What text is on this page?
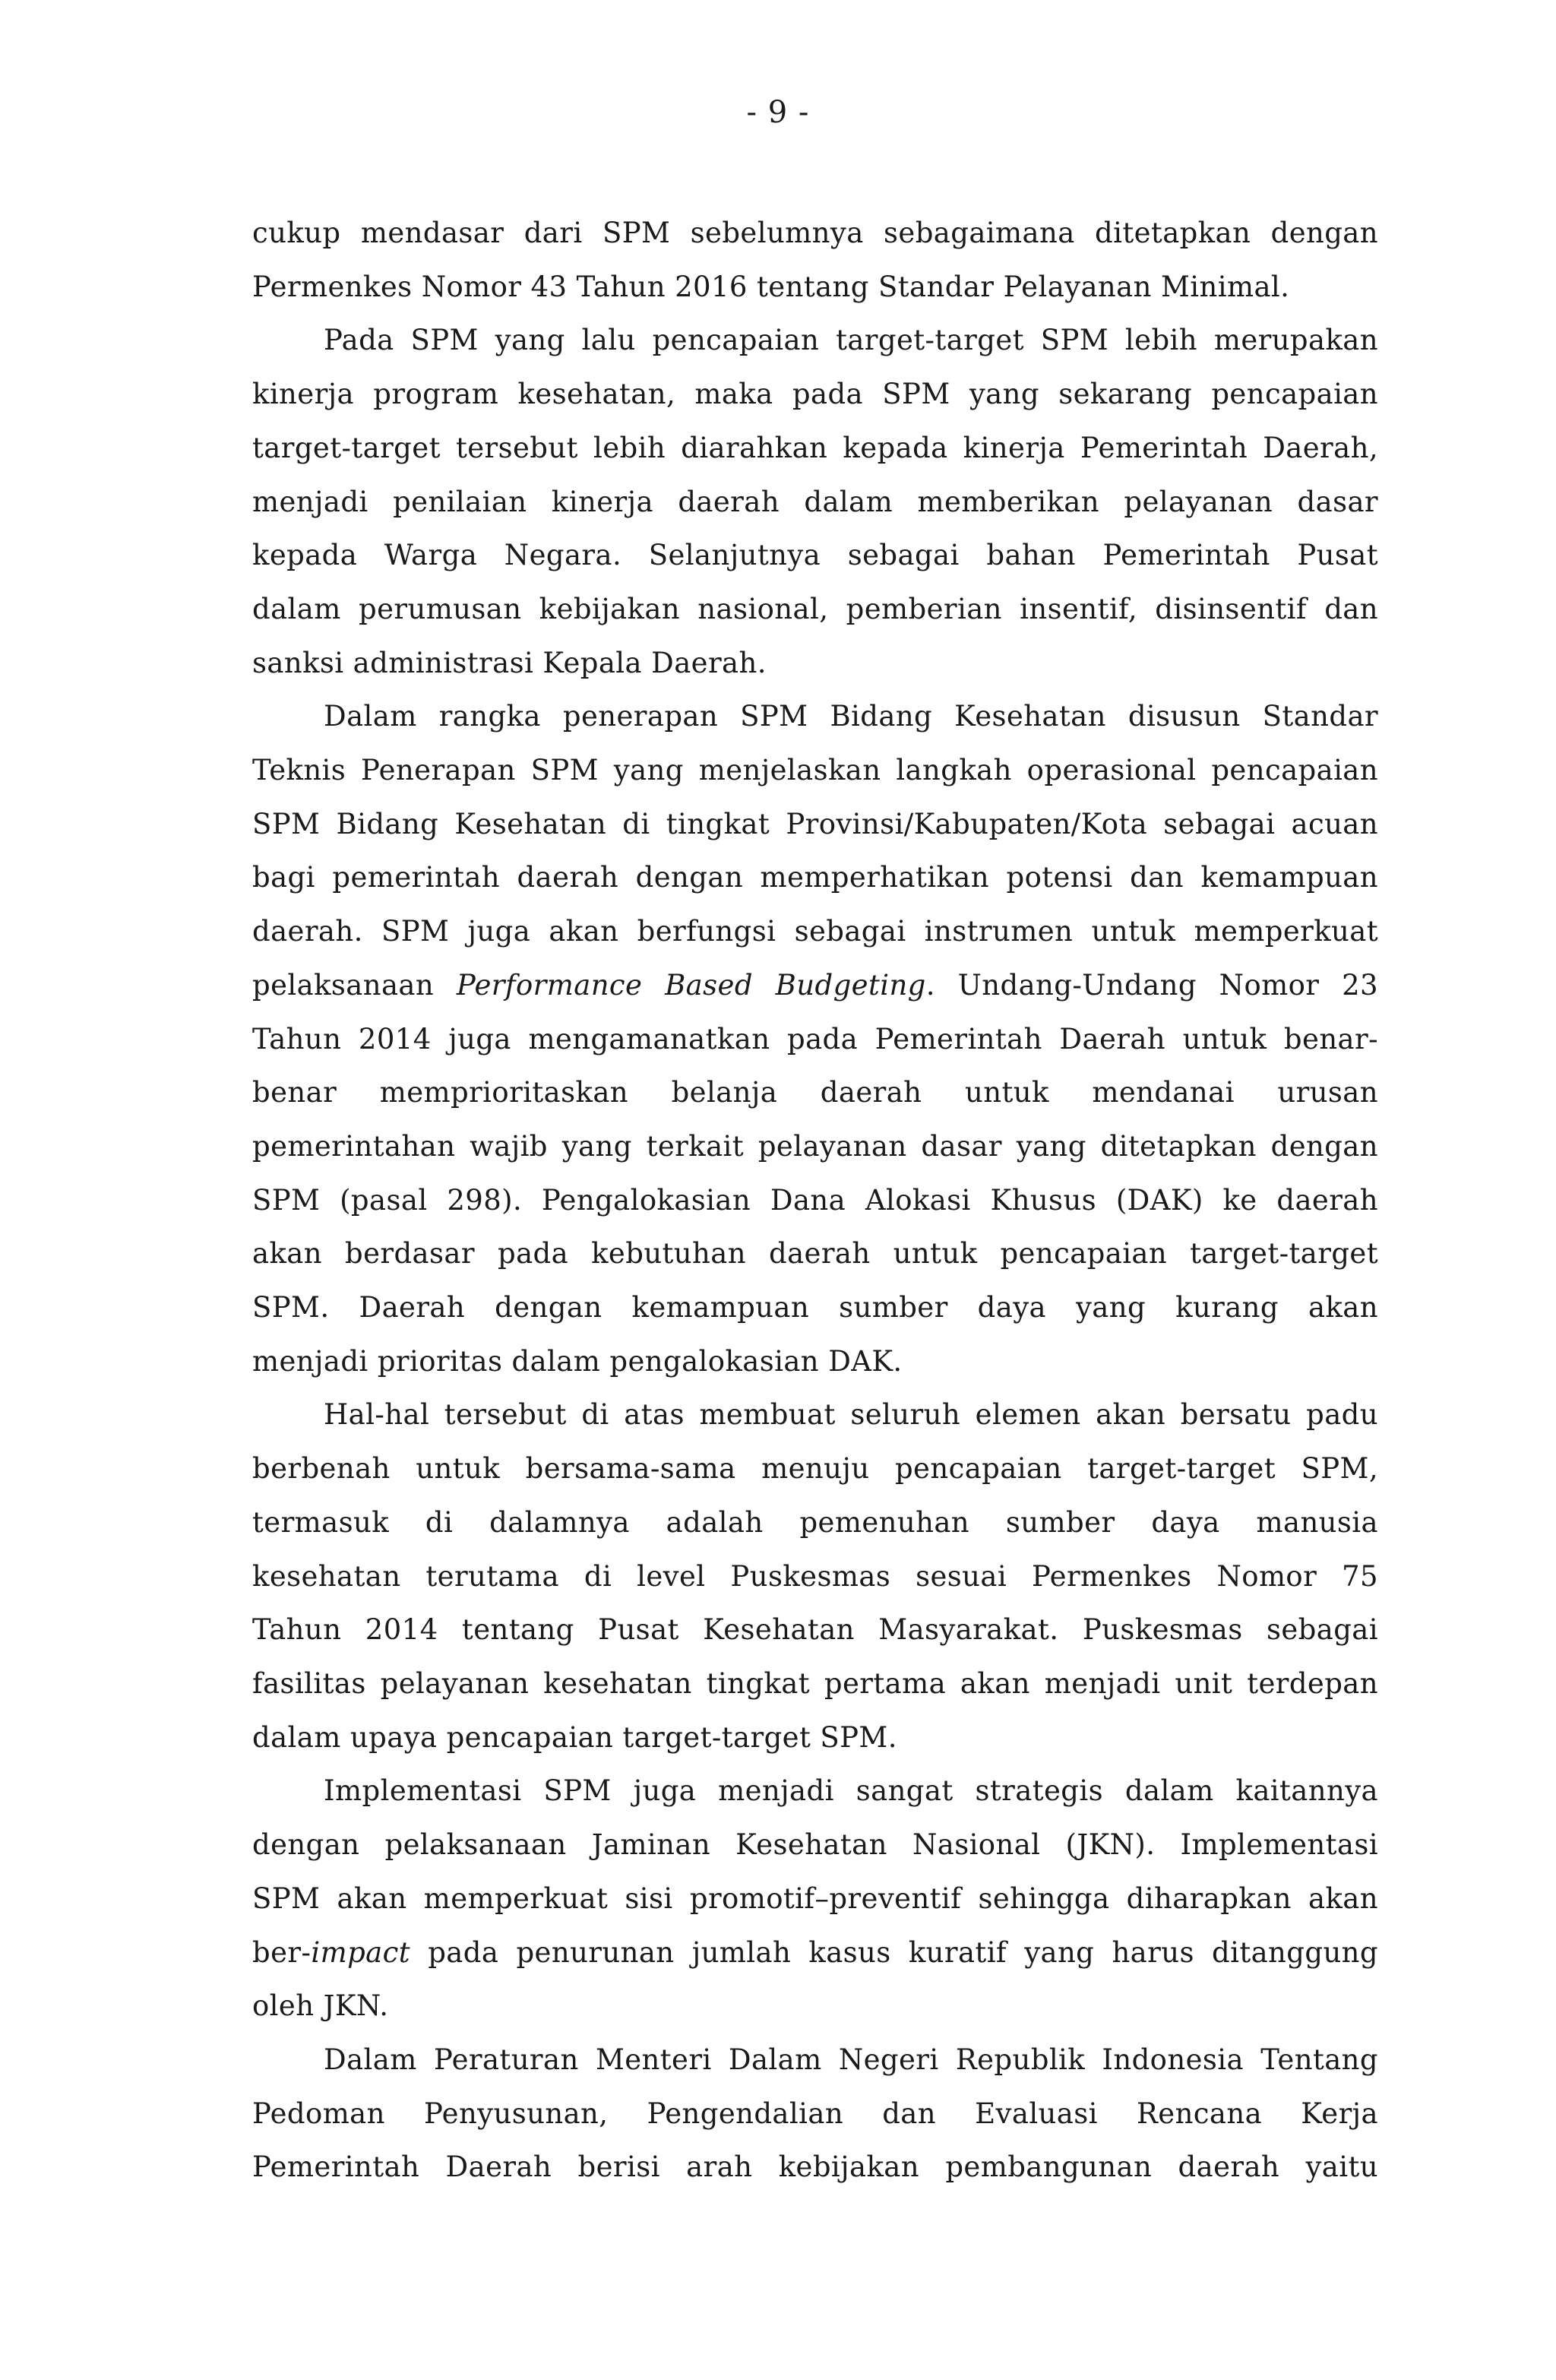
- 9 -
cukup mendasar dari SPM sebelumnya sebagaimana ditetapkan dengan
Permenkes Nomor 43 Tahun 2016 tentang Standar Pelayanan Minimal.
Pada SPM yang lalu pencapaian target-target SPM lebih merupakan
kinerja program kesehatan, maka pada SPM yang sekarang pencapaian
target-target tersebut lebih diarahkan kepada kinerja Pemerintah Daerah,
menjadi penilaian kinerja daerah dalam memberikan pelayanan dasar
kepada Warga Negara. Selanjutnya sebagai bahan Pemerintah Pusat
dalam perumusan kebijakan nasional, pemberian insentif, disinsentif dan
sanksi administrasi Kepala Daerah.
Dalam rangka penerapan SPM Bidang Kesehatan disusun Standar
Teknis Penerapan SPM yang menjelaskan langkah operasional pencapaian
SPM Bidang Kesehatan di tingkat Provinsi/Kabupaten/Kota sebagai acuan
bagi pemerintah daerah dengan memperhatikan potensi dan kemampuan
daerah. SPM juga akan berfungsi sebagai instrumen untuk memperkuat
pelaksanaan Performance Based Budgeting. Undang-Undang Nomor 23
Tahun 2014 juga mengamanatkan pada Pemerintah Daerah untuk benar-
benar memprioritaskan belanja daerah untuk mendanai urusan
pemerintahan wajib yang terkait pelayanan dasar yang ditetapkan dengan
SPM (pasal 298). Pengalokasian Dana Alokasi Khusus (DAK) ke daerah
akan berdasar pada kebutuhan daerah untuk pencapaian target-target
SPM. Daerah dengan kemampuan sumber daya yang kurang akan
menjadi prioritas dalam pengalokasian DAK.
Hal-hal tersebut di atas membuat seluruh elemen akan bersatu padu
berbenah untuk bersama-sama menuju pencapaian target-target SPM,
termasuk di dalamnya adalah pemenuhan sumber daya manusia
kesehatan terutama di level Puskesmas sesuai Permenkes Nomor 75
Tahun 2014 tentang Pusat Kesehatan Masyarakat. Puskesmas sebagai
fasilitas pelayanan kesehatan tingkat pertama akan menjadi unit terdepan
dalam upaya pencapaian target-target SPM.
Implementasi SPM juga menjadi sangat strategis dalam kaitannya
dengan pelaksanaan Jaminan Kesehatan Nasional (JKN). Implementasi
SPM akan memperkuat sisi promotif–preventif sehingga diharapkan akan
ber-impact pada penurunan jumlah kasus kuratif yang harus ditanggung
oleh JKN.
Dalam Peraturan Menteri Dalam Negeri Republik Indonesia Tentang
Pedoman Penyusunan, Pengendalian dan Evaluasi Rencana Kerja
Pemerintah Daerah berisi arah kebijakan pembangunan daerah yaitu
